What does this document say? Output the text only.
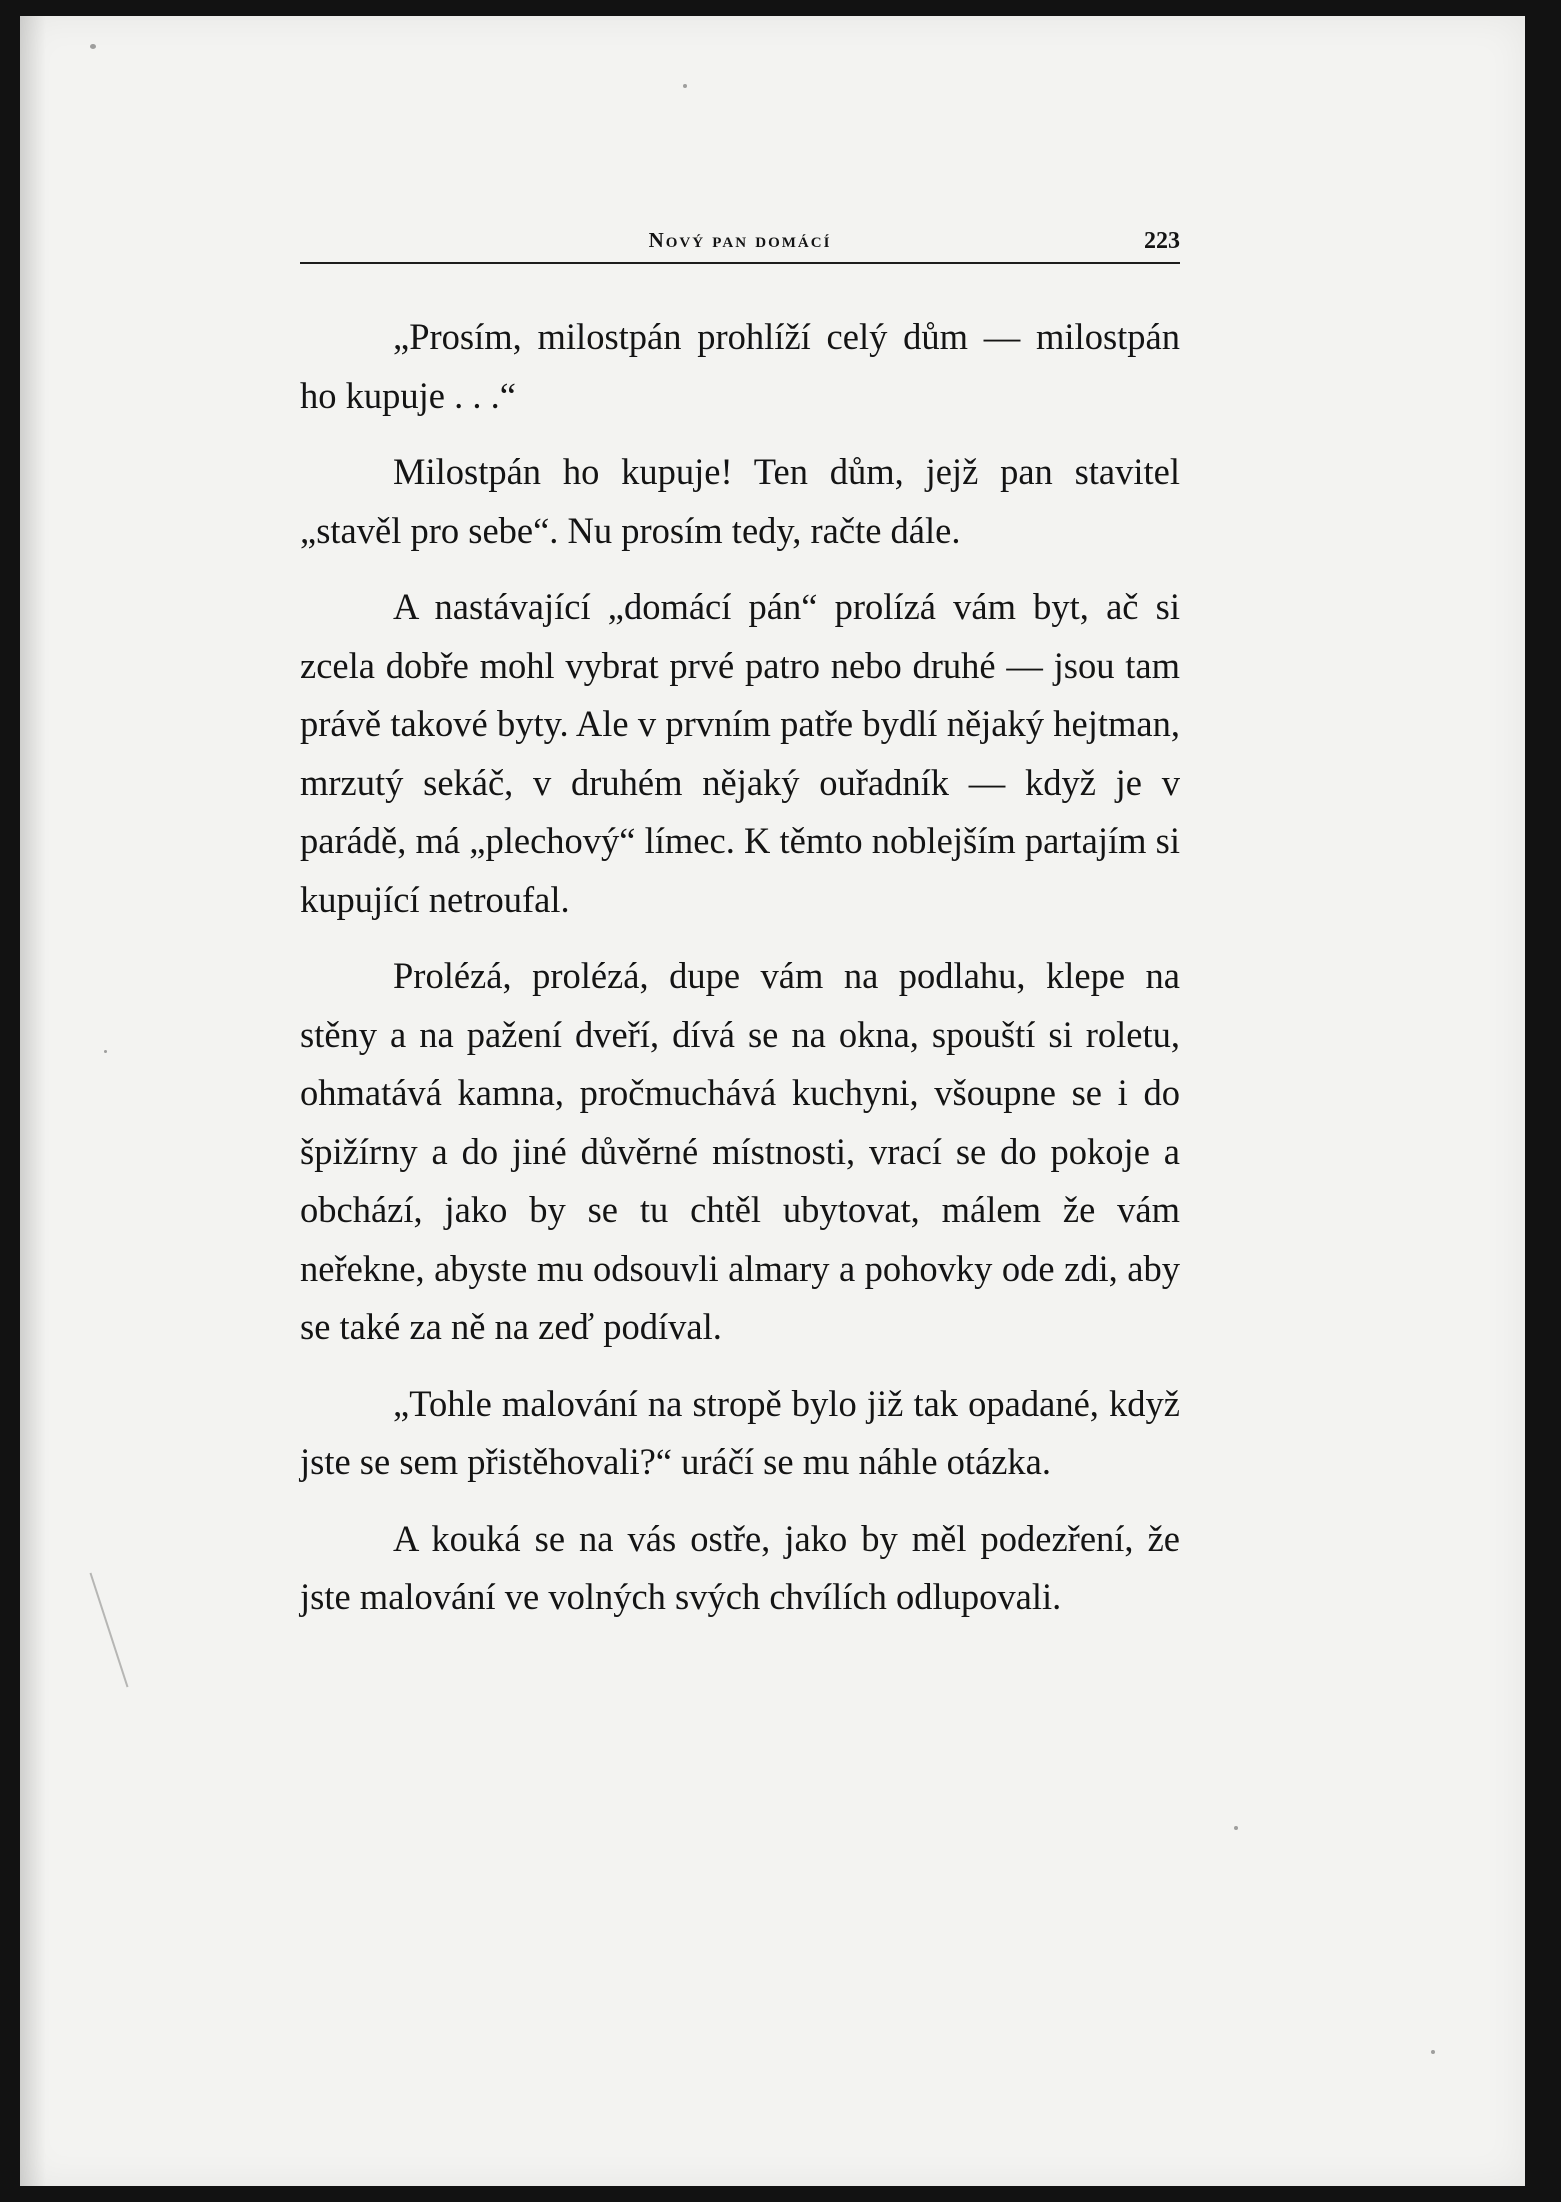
Nový pan domácí	223

„Prosím, milostpán prohlíží celý dům — milostpán ho kupuje . . .“

Milostpán ho kupuje! Ten dům, jejž pan stavitel „stavěl pro sebe“. Nu prosím tedy, račte dále.

A nastávající „domácí pán“ prolízá vám byt, ač si zcela dobře mohl vybrat prvé patro nebo druhé — jsou tam právě takové byty. Ale v prvním patře bydlí nějaký hejtman, mrzutý sekáč, v druhém nějaký ouřadník — když je v parádě, má „plechový“ límec. K těmto noblejším partajím si kupující netroufal.

Prolézá, prolézá, dupe vám na podlahu, klepe na stěny a na pažení dveří, dívá se na okna, spouští si roletu, ohmatává kamna, pročmuchává kuchyni, všoupne se i do špižírny a do jiné důvěrné místnosti, vrací se do pokoje a obchází, jako by se tu chtěl ubytovat, málem že vám neřekne, abyste mu odsouvli almary a pohovky ode zdi, aby se také za ně na zeď podíval.

„Tohle malování na stropě bylo již tak opadané, když jste se sem přistěhovali?“ uráčí se mu náhle otázka.

A kouká se na vás ostře, jako by měl podezření, že jste malování ve volných svých chvílích odlupovali.
